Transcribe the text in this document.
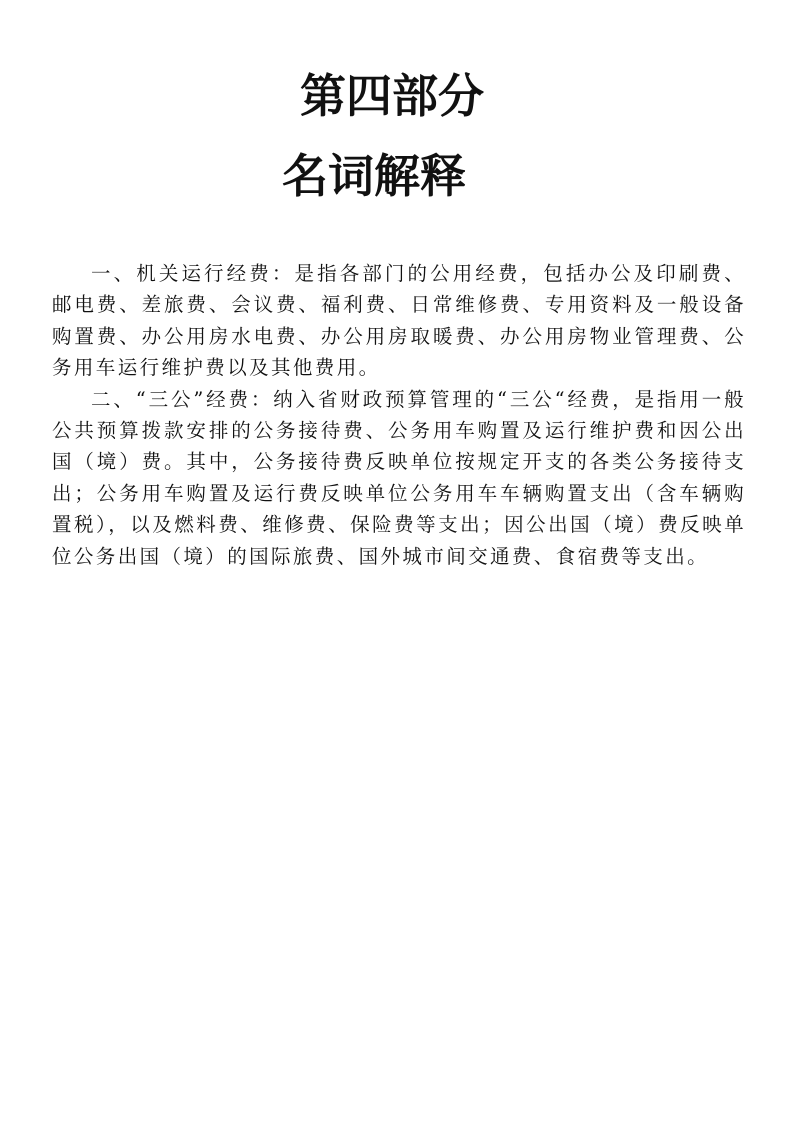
第四部分
名词解释

一、机关运行经费：是指各部门的公用经费，包括办公及印刷费、邮电费、差旅费、会议费、福利费、日常维修费、专用资料及一般设备购置费、办公用房水电费、办公用房取暖费、办公用房物业管理费、公务用车运行维护费以及其他费用。

二、“三公”经费：纳入省财政预算管理的“三公“经费，是指用一般公共预算拨款安排的公务接待费、公务用车购置及运行维护费和因公出国（境）费。其中，公务接待费反映单位按规定开支的各类公务接待支出；公务用车购置及运行费反映单位公务用车车辆购置支出（含车辆购置税），以及燃料费、维修费、保险费等支出；因公出国（境）费反映单位公务出国（境）的国际旅费、国外城市间交通费、食宿费等支出。
